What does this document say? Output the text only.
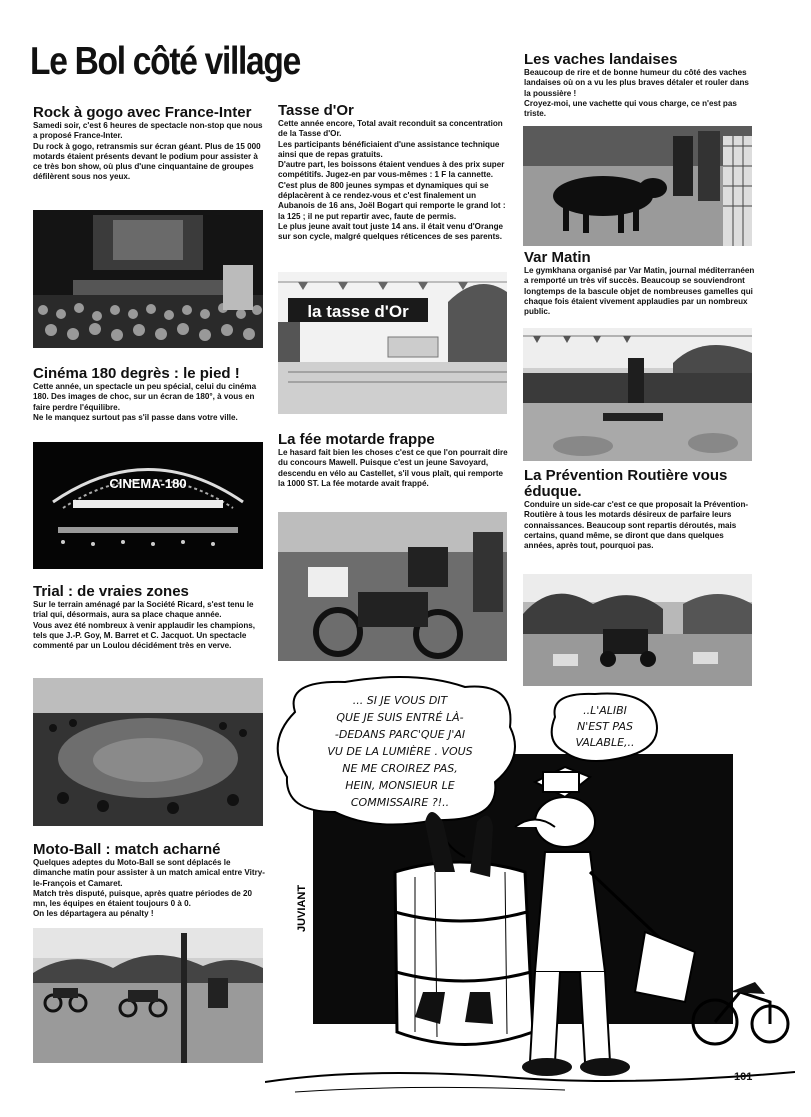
Le Bol côté village
Rock à gogo avec France-Inter

Samedi soir, c'est 6 heures de spectacle non-stop que nous a proposé France-Inter.

Du rock à gogo, retransmis sur écran géant. Plus de 15 000 motards étaient présents devant le podium pour assister à ce très bon show, où plus d'une cinquantaine de groupes défilèrent sous nos yeux.

Cinéma 180 degrès : le pied !

Cette année, un spectacle un peu spécial, celui du cinéma 180. Des images de choc, sur un écran de 180°, à vous en faire perdre l'équilibre.

Ne le manquez surtout pas s'il passe dans votre ville.

CINEMA-180
Trial : de vraies zones

Sur le terrain aménagé par la Société Ricard, s'est tenu le trial qui, désormais, aura sa place chaque année.

Vous avez été nombreux à venir applaudir les champions, tels que J.-P. Goy, M. Barret et C. Jacquot. Un spectacle commenté par un Loulou décidément très en verve.

Moto-Ball : match acharné

Quelques adeptes du Moto-Ball se sont déplacés le dimanche matin pour assister à un match amical entre Vitry-le-François et Camaret.

Match très disputé, puisque, après quatre périodes de 20 mn, les équipes en étaient toujours 0 à 0.

On les départagera au pénalty !

Tasse d'Or

Cette année encore, Total avait reconduit sa concentration de la Tasse d'Or.

Les participants bénéficiaient d'une assistance technique ainsi que de repas gratuits.

D'autre part, les boissons étaient vendues à des prix super compétitifs. Jugez-en par vous-mêmes : 1 F la cannette. C'est plus de 800 jeunes sympas et dynamiques qui se déplacèrent à ce rendez-vous et c'est finalement un Aubanois de 16 ans, Joël Bogart qui remporte le grand lot : la 125 ; il ne put repartir avec, faute de permis.

Le plus jeune avait tout juste 14 ans. il était venu d'Orange sur son cycle, malgré quelques réticences de ses parents.

la tasse d'Or
La fée motarde frappe

Le hasard fait bien les choses c'est ce que l'on pourrait dire du concours Mawell. Puisque c'est un jeune Savoyard, descendu en vélo au Castellet, s'il vous plaît, qui remporte la 1000 ST. La fée motarde avait frappé.

Les vaches landaises

Beaucoup de rire et de bonne humeur du côté des vaches landaises où on a vu les plus braves détaler et rouler dans la poussière !

Croyez-moi, une vachette qui vous charge, ce n'est pas triste.

Var Matin

Le gymkhana organisé par Var Matin, journal méditerranéen a remporté un très vif succès. Beaucoup se souviendront longtemps de la bascule objet de nombreuses gamelles qui chaque fois étaient vivement applaudies par un nombreux public.

La Prévention Routière vous éduque.

Conduire un side-car c'est ce que proposait la Prévention-Routière à tous les motards désireux de parfaire leurs connaissances. Beaucoup sont repartis déroutés, mais certains, quand même, se diront que dans quelques années, après tout, pourquoi pas.

... SI JE VOUS DIT
QUE JE SUIS ENTRÉ LÀ-
-DEDANS PARC'QUE J'AI
VU DE LA LUMIÈRE . VOUS
NE ME CROIREZ PAS,
HEIN, MONSIEUR LE
COMMISSAIRE ?!..
..L'ALIBI
N'EST PAS
VALABLE,..
JUVIANT
101
